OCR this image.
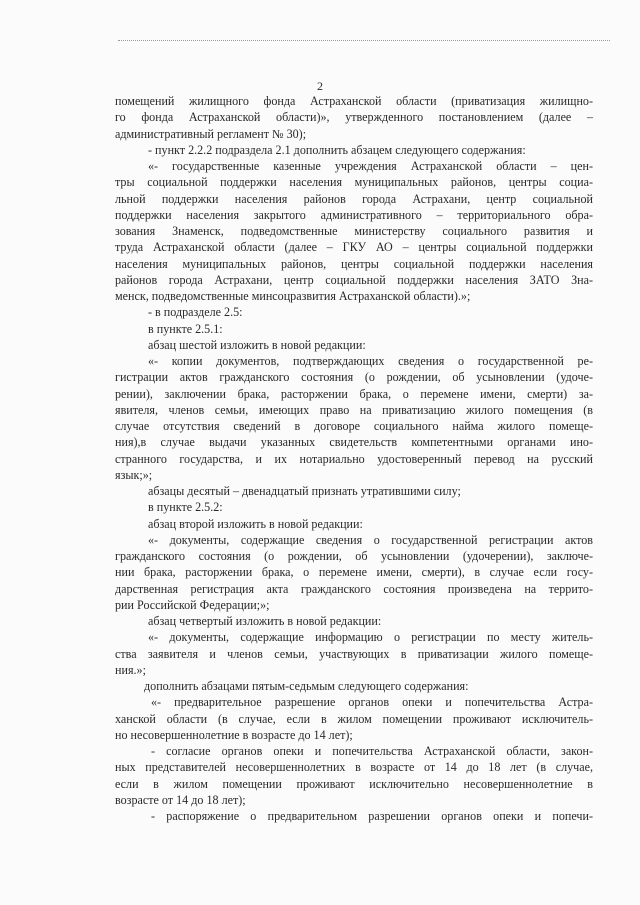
2
помещений жилищного фонда Астраханской области (приватизация жилищно-
го фонда Астраханской области)», утвержденного постановлением (далее –
административный регламент № 30);
- пункт 2.2.2 подраздела 2.1 дополнить абзацем следующего содержания:
«- государственные казенные учреждения Астраханской области – цен-
тры социальной поддержки населения муниципальных районов, центры социа-
льной поддержки населения районов города Астрахани, центр социальной
поддержки населения закрытого административного – территориального обра-
зования Знаменск, подведомственные министерству социального развития и
труда Астраханской области (далее – ГКУ АО – центры социальной поддержки
населения муниципальных районов, центры социальной поддержки населения
районов города Астрахани, центр социальной поддержки населения ЗАТО Зна-
менск, подведомственные минсоцразвития Астраханской области).»;
- в подразделе 2.5:
в пункте 2.5.1:
абзац шестой изложить в новой редакции:
«- копии документов, подтверждающих сведения о государственной ре-
гистрации актов гражданского состояния (о рождении, об усыновлении (удоче-
рении), заключении брака, расторжении брака, о перемене имени, смерти) за-
явителя, членов семьи, имеющих право на приватизацию жилого помещения (в
случае отсутствия сведений в договоре социального найма жилого помеще-
ния),в случае выдачи указанных свидетельств компетентными органами ино-
странного государства, и их нотариально удостоверенный перевод на русский
язык;»;
абзацы десятый – двенадцатый признать утратившими силу;
в пункте 2.5.2:
абзац второй изложить в новой редакции:
«- документы, содержащие сведения о государственной регистрации актов
гражданского состояния (о рождении, об усыновлении (удочерении), заключе-
нии брака, расторжении брака, о перемене имени, смерти), в случае если госу-
дарственная регистрация акта гражданского состояния произведена на террито-
рии Российской Федерации;»;
абзац четвертый изложить в новой редакции:
«- документы, содержащие информацию о регистрации по месту житель-
ства заявителя и членов семьи, участвующих в приватизации жилого помеще-
ния.»;
дополнить абзацами пятым-седьмым следующего содержания:
«- предварительное разрешение органов опеки и попечительства Астра-
ханской области (в случае, если в жилом помещении проживают исключитель-
но несовершеннолетние в возрасте до 14 лет);
- согласие органов опеки и попечительства Астраханской области, закон-
ных представителей несовершеннолетних в возрасте от 14 до 18 лет (в случае,
если в жилом помещении проживают исключительно несовершеннолетние в
возрасте от 14 до 18 лет);
- распоряжение о предварительном разрешении органов опеки и попечи-
